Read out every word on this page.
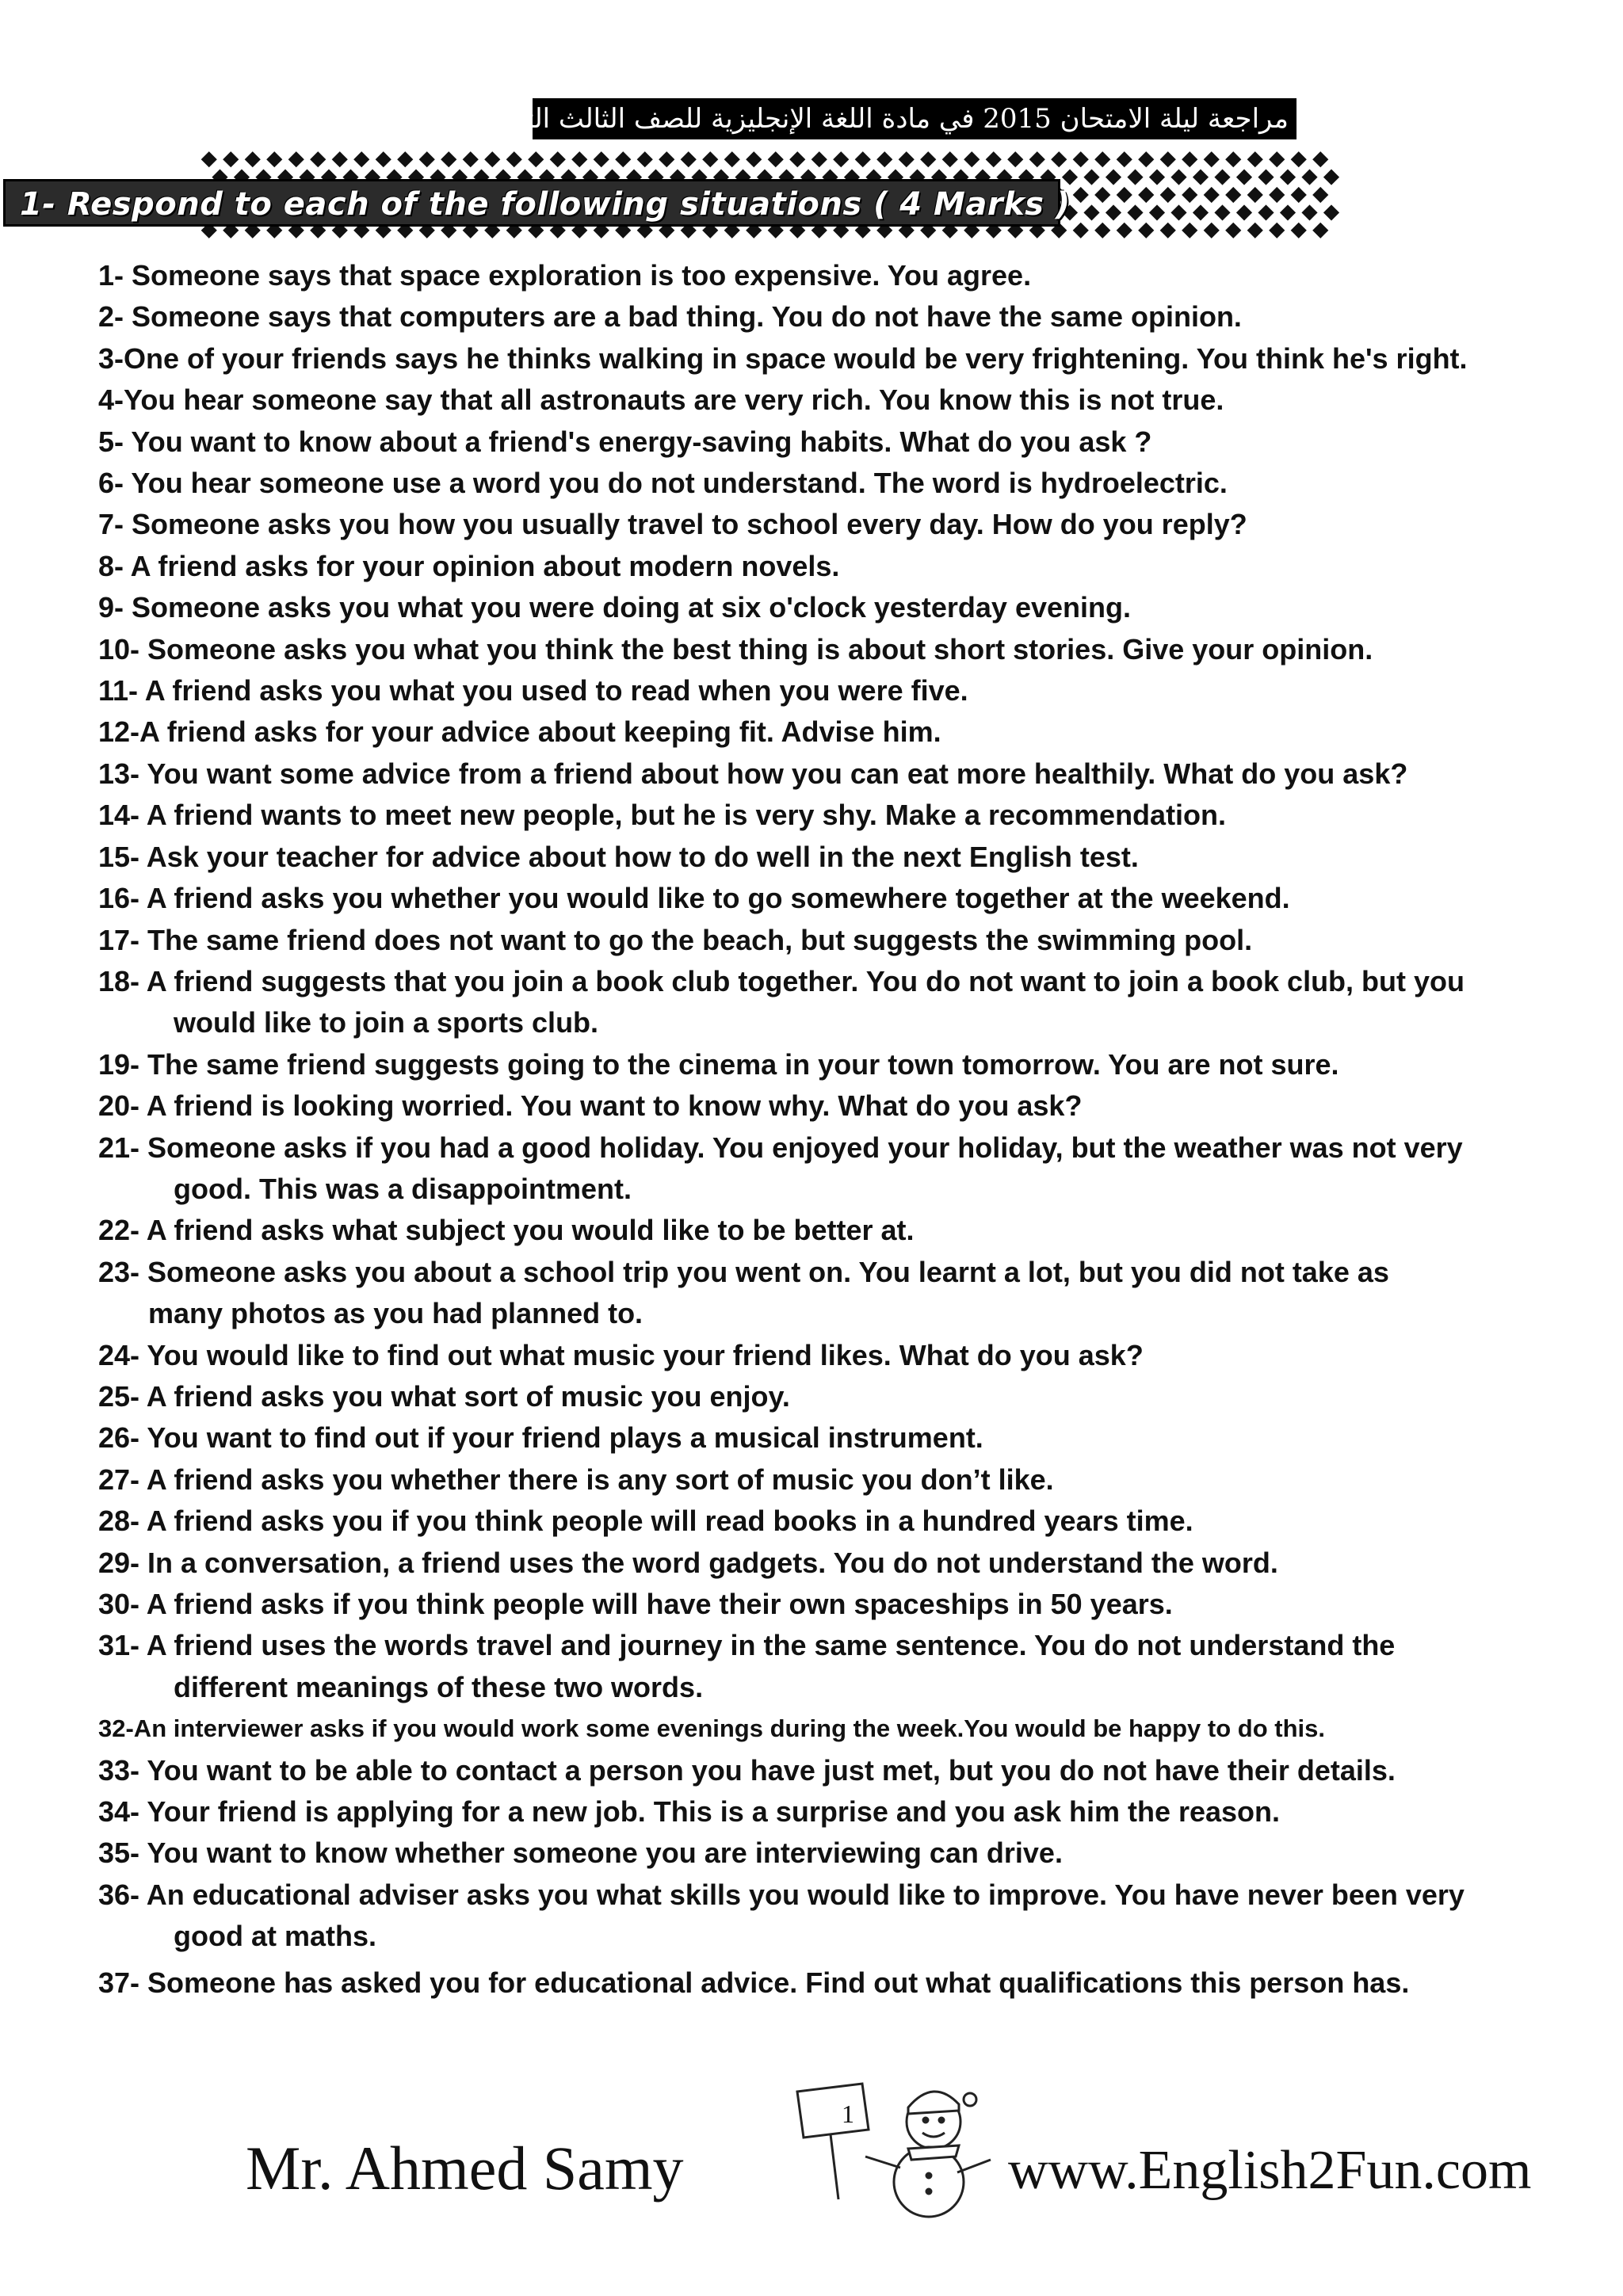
مراجعة ليلة الامتحان 2015 في مادة اللغة الإنجليزية للصف الثالث الثانوي
1- Respond to each of the following situations ( 4 Marks )
1- Someone says that space exploration is too expensive. You agree.
2- Someone says that computers are a bad thing. You do not have the same opinion.
3-One of your friends says he thinks walking in space would be very frightening. You think he's right.
4-You hear someone say that all astronauts are very rich. You know this is not true.
5- You want to know about a friend's energy-saving habits. What do you ask ?
6- You hear someone use a word you do not understand. The word is hydroelectric.
7- Someone asks you how you usually travel to school every day. How do you reply?
8- A friend asks for your opinion about modern novels.
9- Someone asks you what you were doing at six o'clock yesterday evening.
10- Someone asks you what you think the best thing is about short stories. Give your opinion.
11- A friend asks you what you used to read when you were five.
12-A friend asks for your advice about keeping fit. Advise him.
13- You want some advice from a friend about how you can eat more healthily. What do you ask?
14- A friend wants to meet new people, but he is very shy. Make a recommendation.
15- Ask your teacher for advice about how to do well in the next English test.
16- A friend asks you whether you would like to go somewhere together at the weekend.
17- The same friend does not want to go the beach, but suggests the swimming pool.
18- A friend suggests that you join a book club together. You do not want to join a book club, but you
would like to join a sports club.
19- The same friend suggests going to the cinema in your town tomorrow. You are not sure.
20- A friend is looking worried. You want to know why. What do you ask?
21- Someone asks if you had a good holiday. You enjoyed your holiday, but the weather was not very
good. This was a disappointment.
22- A friend asks what subject you would like to be better at.
23- Someone asks you about a school trip you went on. You learnt a lot, but you did not take as
many photos as you had planned to.
24- You would like to find out what music your friend likes. What do you ask?
25- A friend asks you what sort of music you enjoy.
26- You want to find out if your friend plays a musical instrument.
27- A friend asks you whether there is any sort of music you don’t like.
28- A friend asks you if you think people will read books in a hundred years time.
29- In a conversation, a friend uses the word gadgets. You do not understand the word.
30- A friend asks if you think people will have their own spaceships in 50 years.
31- A friend uses the words travel and journey in the same sentence. You do not understand the
different meanings of these two words.
32-An interviewer asks if you would work some evenings during the week.You would be happy to do this.
33- You want to be able to contact a person you have just met, but you do not have their details.
34- Your friend is applying for a new job. This is a surprise and you ask him the reason.
35- You want to know whether someone you are interviewing can drive.
36- An educational adviser asks you what skills you would like to improve. You have never been very
good at maths.
37- Someone has asked you for educational advice. Find out what qualifications this person has.
1
Mr. Ahmed Samy	www.English2Fun.com
